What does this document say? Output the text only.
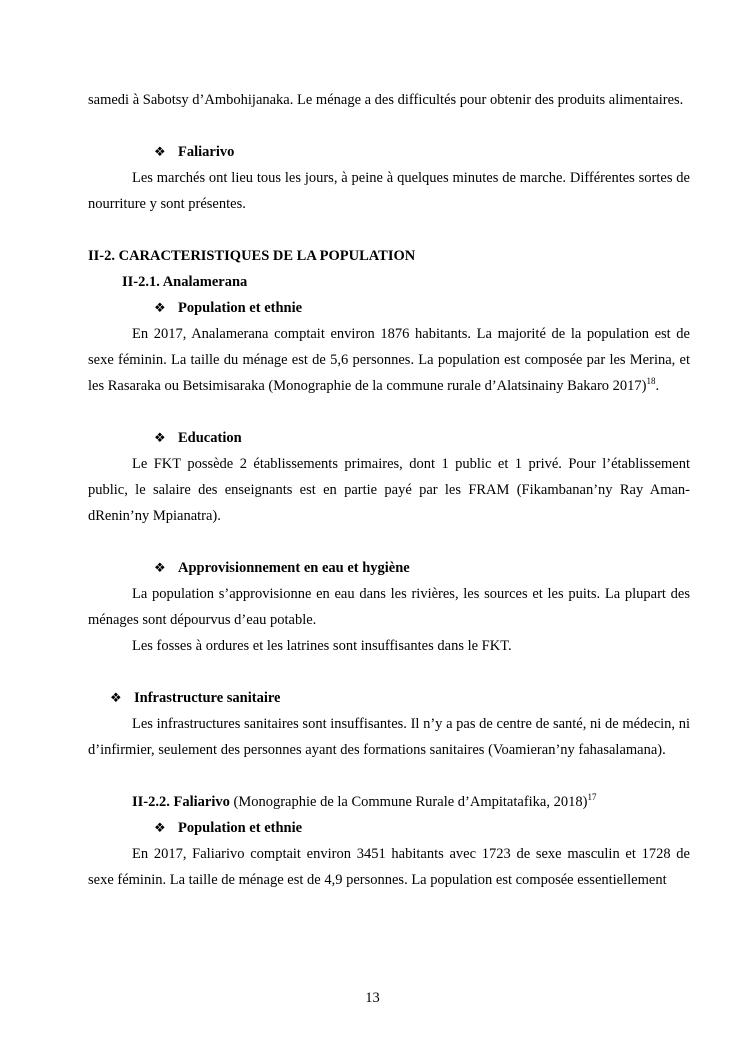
samedi à Sabotsy d’Ambohijanaka. Le ménage a des difficultés pour obtenir des produits alimentaires.

❖ Faliarivo

Les marchés ont lieu tous les jours, à peine à quelques minutes de marche. Différentes sortes de nourriture y sont présentes.

II-2. CARACTERISTIQUES DE LA POPULATION
II-2.1. Analamerana
❖ Population et ethnie

En 2017, Analamerana comptait environ 1876 habitants. La majorité de la population est de sexe féminin. La taille du ménage est de 5,6 personnes. La population est composée par les Merina, et les Rasaraka ou Betsimisaraka (Monographie de la commune rurale d’Alatsinainy Bakaro 2017)$^{18}$.

❖ Education

Le FKT possède 2 établissements primaires, dont 1 public et 1 privé. Pour l’établissement public, le salaire des enseignants est en partie payé par les FRAM (Fikambanan’ny Ray Aman-dRenin’ny Mpianatra).

❖ Approvisionnement en eau et hygiène

La population s’approvisionne en eau dans les rivières, les sources et les puits. La plupart des ménages sont dépourvus d’eau potable.

Les fosses à ordures et les latrines sont insuffisantes dans le FKT.

❖ Infrastructure sanitaire

Les infrastructures sanitaires sont insuffisantes. Il n’y a pas de centre de santé, ni de médecin, ni d’infirmier, seulement des personnes ayant des formations sanitaires (Voamieran’ny fahasalamana).

II-2.2. Faliarivo (Monographie de la Commune Rurale d’Ampitatafika, 2018)$^{17}$
❖ Population et ethnie

En 2017, Faliarivo comptait environ 3451 habitants avec 1723 de sexe masculin et 1728 de sexe féminin. La taille de ménage est de 4,9 personnes. La population est composée essentiellement

13
